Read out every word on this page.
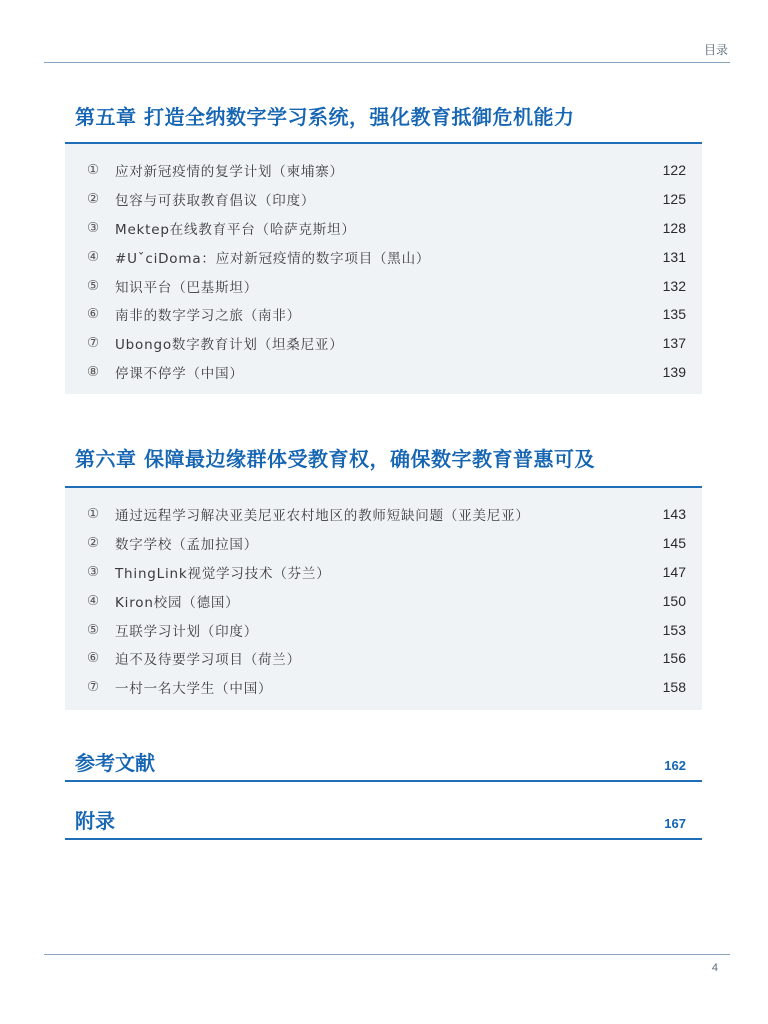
目录
第五章 打造全纳数字学习系统，强化教育抵御危机能力
①	应对新冠疫情的复学计划（柬埔寨）	122
②	包容与可获取教育倡议（印度）	125
③	Mektep在线教育平台（哈萨克斯坦）	128
④	#UˇciDoma：应对新冠疫情的数字项目（黑山）	131
⑤	知识平台（巴基斯坦）	132
⑥	南非的数字学习之旅（南非）	135
⑦	Ubongo数字教育计划（坦桑尼亚）	137
⑧	停课不停学（中国）	139
第六章 保障最边缘群体受教育权，确保数字教育普惠可及
①	通过远程学习解决亚美尼亚农村地区的教师短缺问题（亚美尼亚）	143
②	数字学校（孟加拉国）	145
③	ThingLink视觉学习技术（芬兰）	147
④	Kiron校园（德国）	150
⑤	互联学习计划（印度）	153
⑥	迫不及待要学习项目（荷兰）	156
⑦	一村一名大学生（中国）	158
参考文献	162
附录	167
4
